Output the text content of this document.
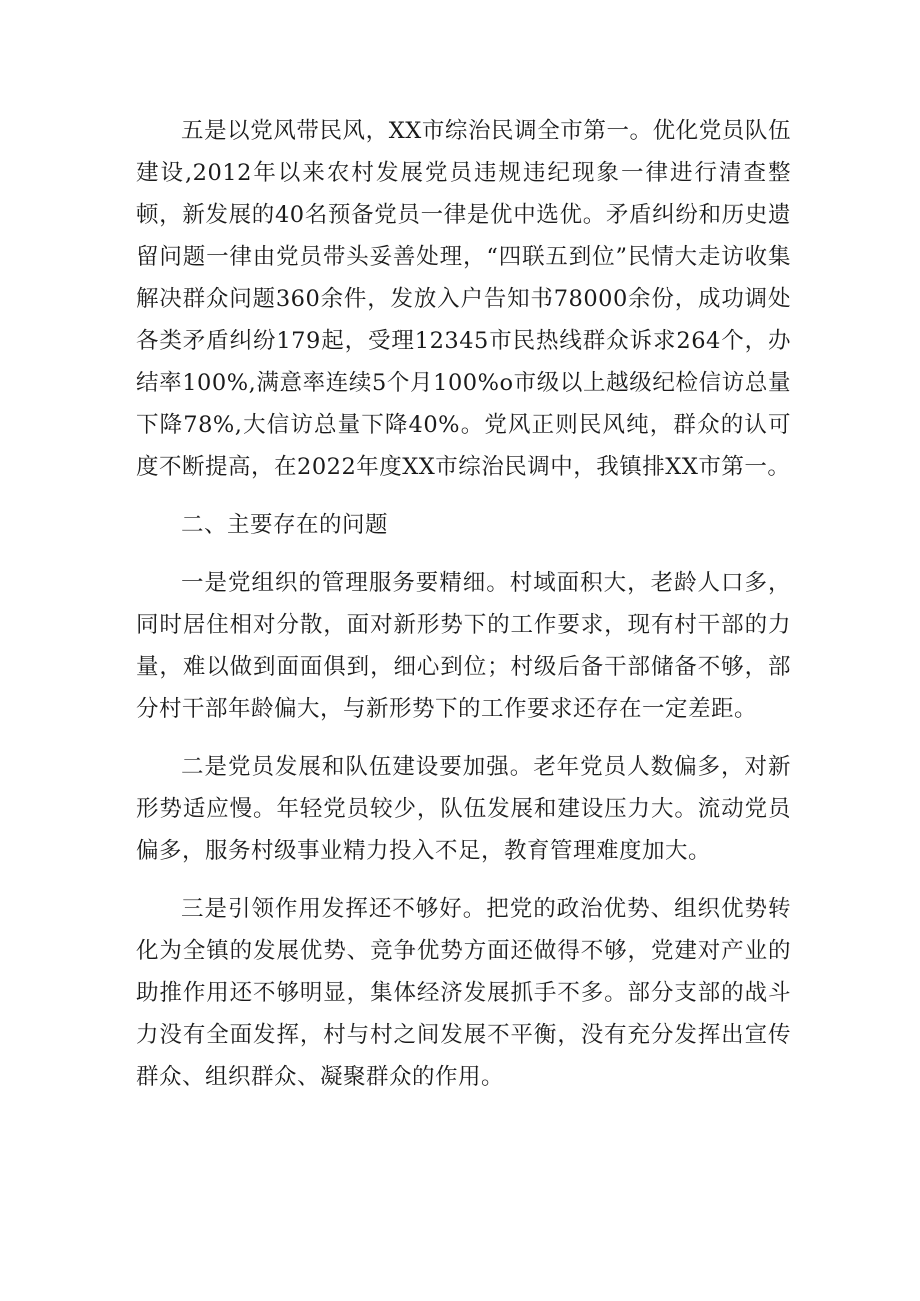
五是以党风带民风，XX市综治民调全市第一。优化党员队伍建设,2012年以来农村发展党员违规违纪现象一律进行清查整顿，新发展的40名预备党员一律是优中选优。矛盾纠纷和历史遗留问题一律由党员带头妥善处理，“四联五到位”民情大走访收集解决群众问题360余件，发放入户告知书78000余份，成功调处各类矛盾纠纷179起，受理12345市民热线群众诉求264个，办结率100%,满意率连续5个月100%o市级以上越级纪检信访总量下降78%,大信访总量下降40%。党风正则民风纯，群众的认可度不断提高，在2022年度XX市综治民调中，我镇排XX市第一。

二、主要存在的问题

一是党组织的管理服务要精细。村域面积大，老龄人口多，同时居住相对分散，面对新形势下的工作要求，现有村干部的力量，难以做到面面俱到，细心到位；村级后备干部储备不够，部分村干部年龄偏大，与新形势下的工作要求还存在一定差距。

二是党员发展和队伍建设要加强。老年党员人数偏多，对新形势适应慢。年轻党员较少，队伍发展和建设压力大。流动党员偏多，服务村级事业精力投入不足，教育管理难度加大。

三是引领作用发挥还不够好。把党的政治优势、组织优势转化为全镇的发展优势、竞争优势方面还做得不够，党建对产业的助推作用还不够明显，集体经济发展抓手不多。部分支部的战斗力没有全面发挥，村与村之间发展不平衡，没有充分发挥出宣传群众、组织群众、凝聚群众的作用。
